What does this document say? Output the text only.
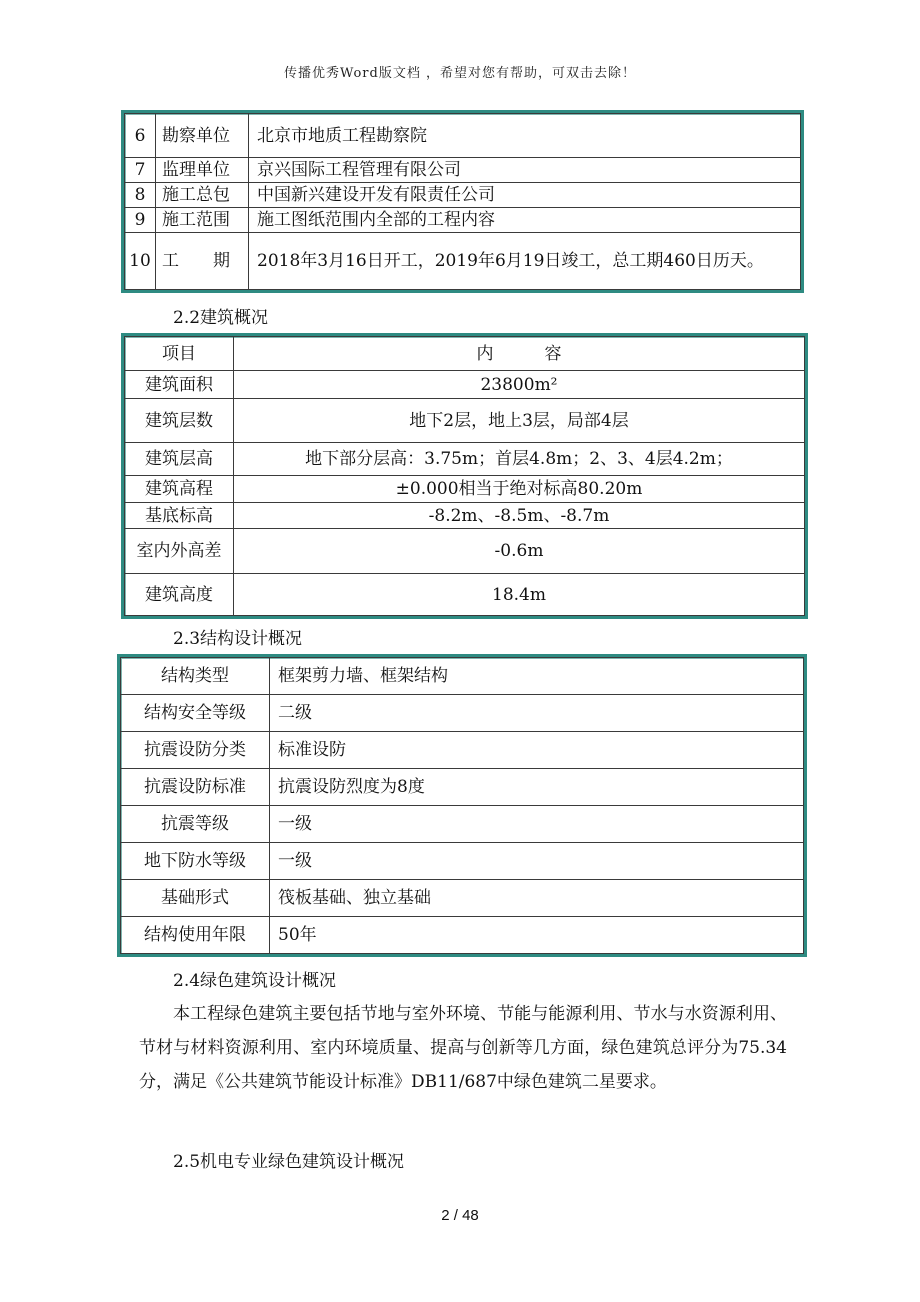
传播优秀Word版文档 ，希望对您有帮助，可双击去除！
6	勘察单位	北京市地质工程勘察院
7	监理单位	京兴国际工程管理有限公司
8	施工总包	中国新兴建设开发有限责任公司
9	施工范围	施工图纸范围内全部的工程内容
10	工　　期	2018年3月16日开工，2019年6月19日竣工，总工期460日历天。
2.2建筑概况
项目	内　　　容
建筑面积	23800m²
建筑层数	地下2层，地上3层，局部4层
建筑层高	地下部分层高：3.75m；首层4.8m；2、3、4层4.2m；
建筑高程	±0.000相当于绝对标高80.20m
基底标高	-8.2m、-8.5m、-8.7m
室内外高差	-0.6m
建筑高度	18.4m
2.3结构设计概况
结构类型	框架剪力墙、框架结构
结构安全等级	二级
抗震设防分类	标准设防
抗震设防标准	抗震设防烈度为8度
抗震等级	一级
地下防水等级	一级
基础形式	筏板基础、独立基础
结构使用年限	50年
2.4绿色建筑设计概况
本工程绿色建筑主要包括节地与室外环境、节能与能源利用、节水与水资源利用、节材与材料资源利用、室内环境质量、提高与创新等几方面，绿色建筑总评分为75.34分，满足《公共建筑节能设计标准》DB11/687中绿色建筑二星要求。
2.5机电专业绿色建筑设计概况
2 / 48
